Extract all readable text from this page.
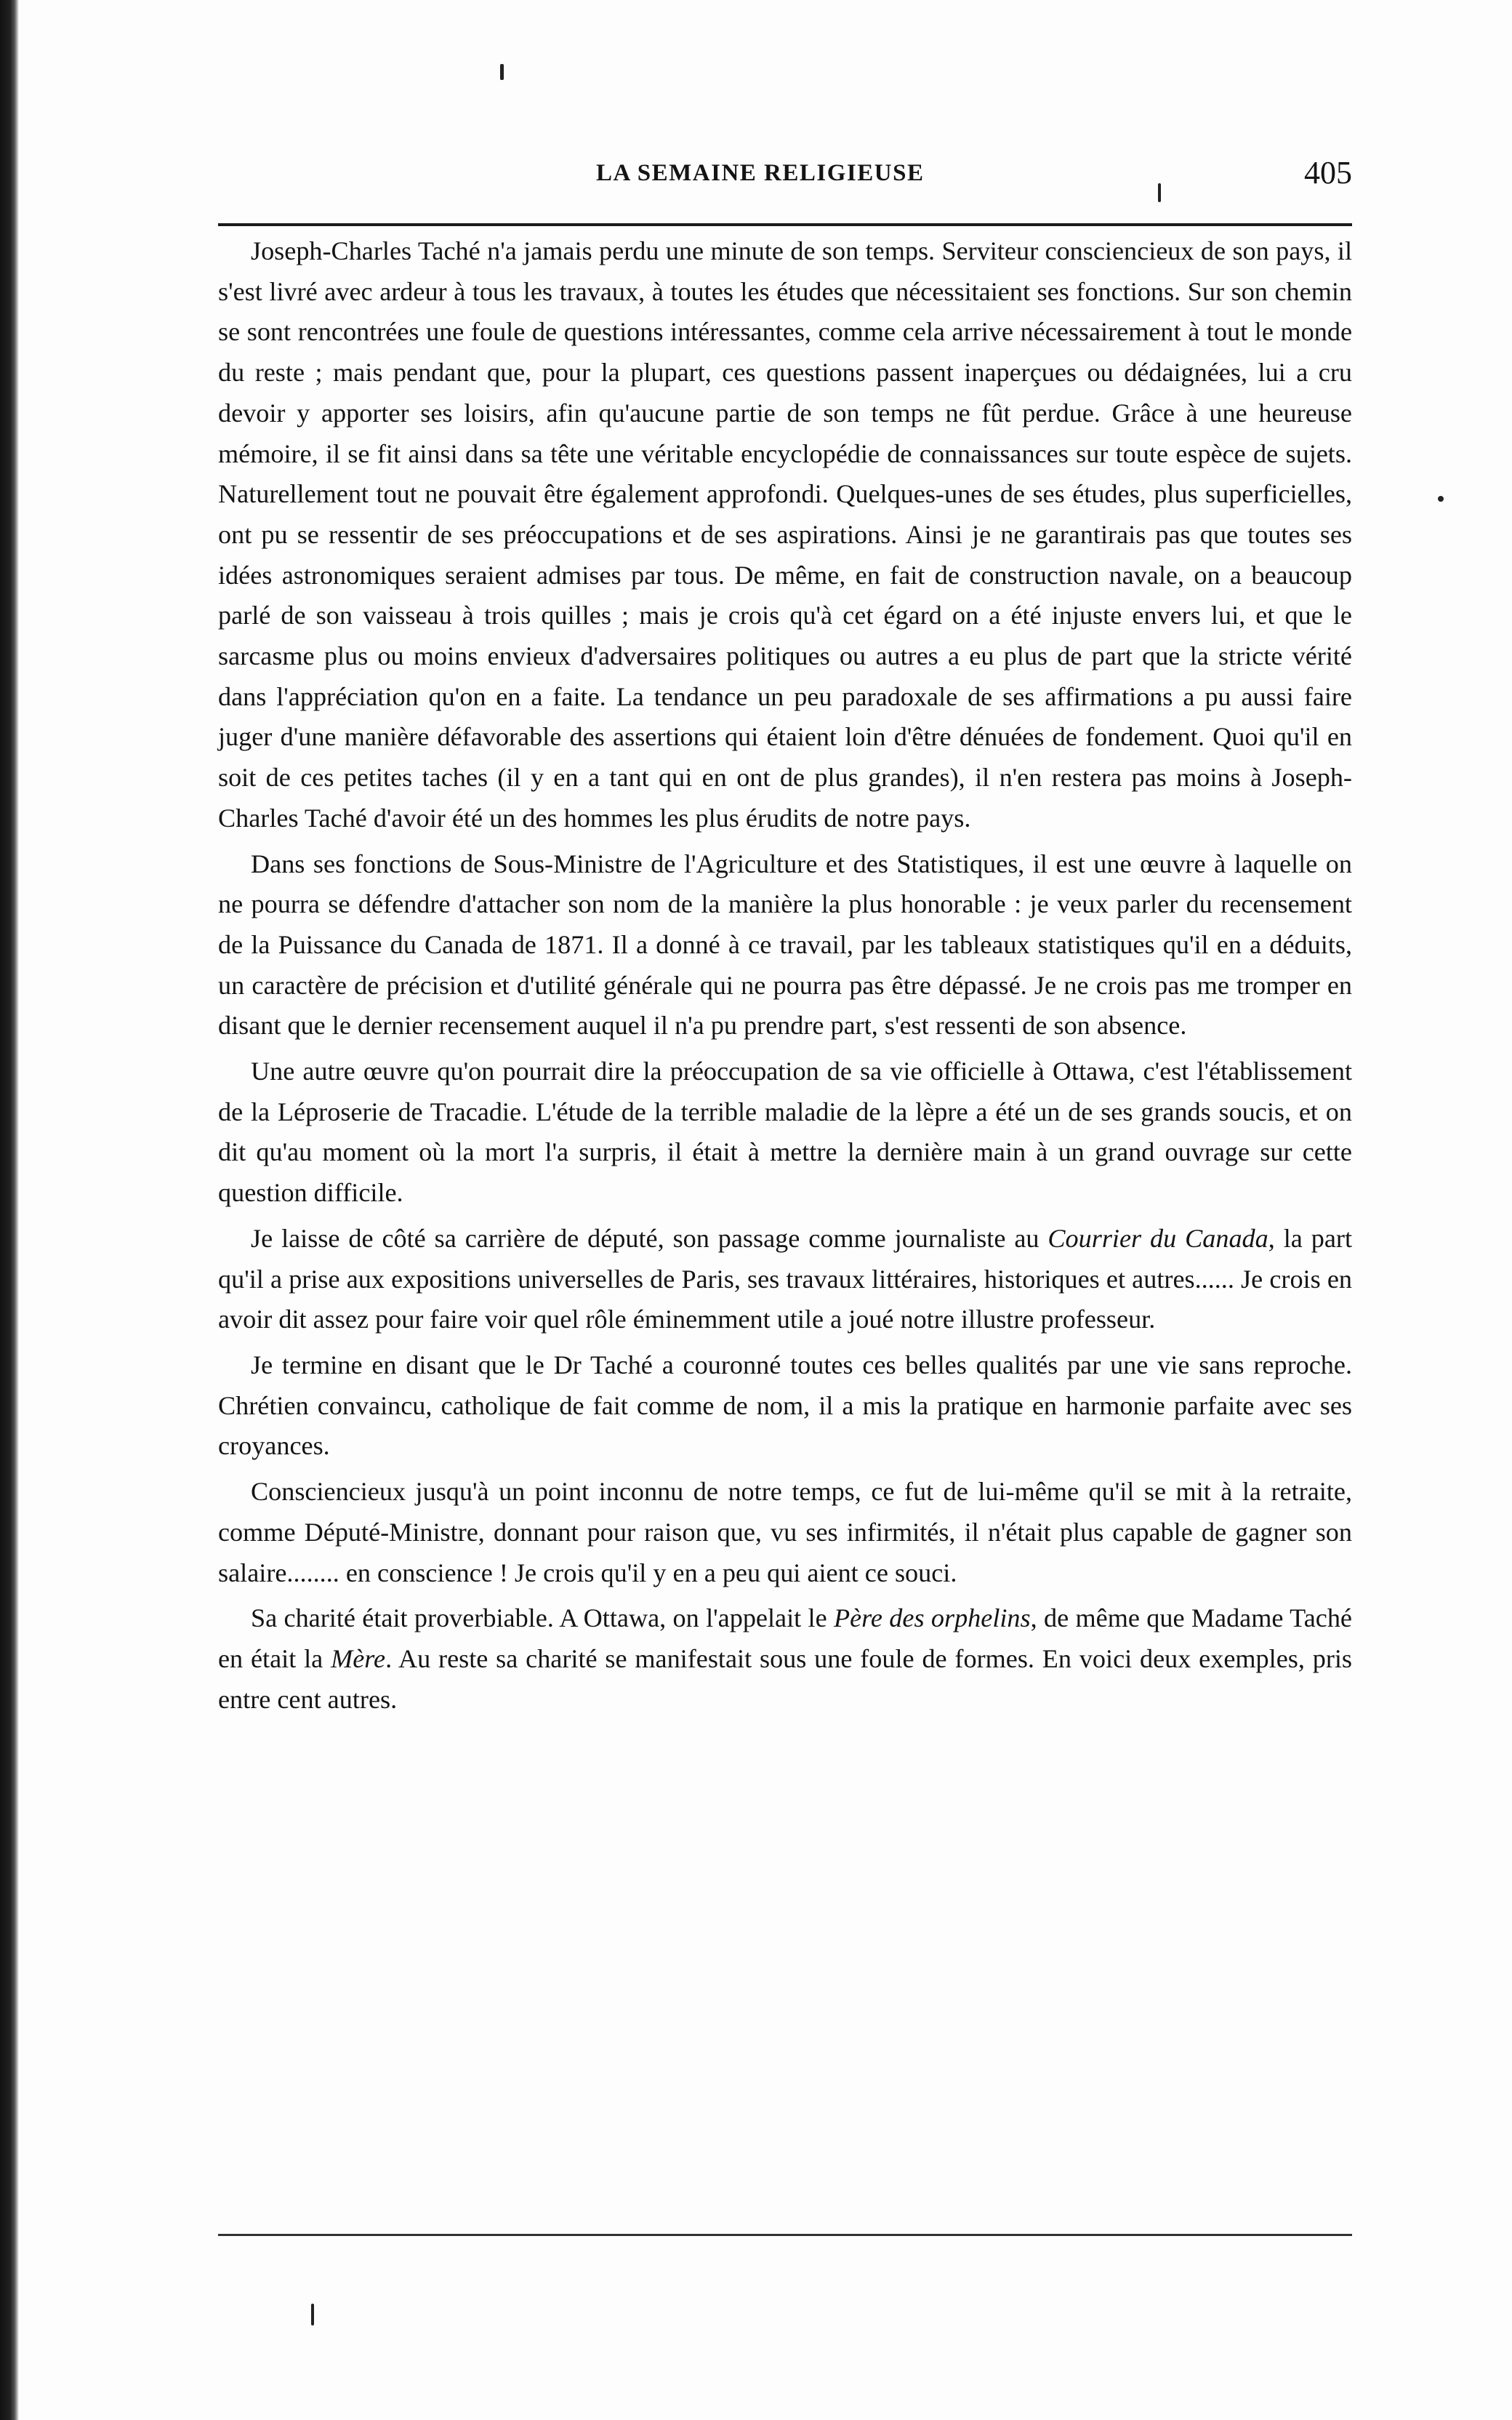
LA SEMAINE RELIGIEUSE	405

Joseph-Charles Taché n'a jamais perdu une minute de son temps. Serviteur consciencieux de son pays, il s'est livré avec ardeur à tous les travaux, à toutes les études que nécessitaient ses fonctions. Sur son chemin se sont rencontrées une foule de questions intéressantes, comme cela arrive nécessairement à tout le monde du reste ; mais pendant que, pour la plupart, ces questions passent inaperçues ou dédaignées, lui a cru devoir y apporter ses loisirs, afin qu'aucune partie de son temps ne fût perdue. Grâce à une heureuse mémoire, il se fit ainsi dans sa tête une véritable encyclopédie de connaissances sur toute espèce de sujets. Naturellement tout ne pouvait être également approfondi. Quelques-unes de ses études, plus superficielles, ont pu se ressentir de ses préoccupations et de ses aspirations. Ainsi je ne garantirais pas que toutes ses idées astronomiques seraient admises par tous. De même, en fait de construction navale, on a beaucoup parlé de son vaisseau à trois quilles ; mais je crois qu'à cet égard on a été injuste envers lui, et que le sarcasme plus ou moins envieux d'adversaires politiques ou autres a eu plus de part que la stricte vérité dans l'appréciation qu'on en a faite. La tendance un peu paradoxale de ses affirmations a pu aussi faire juger d'une manière défavorable des assertions qui étaient loin d'être dénuées de fondement. Quoi qu'il en soit de ces petites taches (il y en a tant qui en ont de plus grandes), il n'en restera pas moins à Joseph-Charles Taché d'avoir été un des hommes les plus érudits de notre pays.

Dans ses fonctions de Sous-Ministre de l'Agriculture et des Statistiques, il est une œuvre à laquelle on ne pourra se défendre d'attacher son nom de la manière la plus honorable : je veux parler du recensement de la Puissance du Canada de 1871. Il a donné à ce travail, par les tableaux statistiques qu'il en a déduits, un caractère de précision et d'utilité générale qui ne pourra pas être dépassé. Je ne crois pas me tromper en disant que le dernier recensement auquel il n'a pu prendre part, s'est ressenti de son absence.

Une autre œuvre qu'on pourrait dire la préoccupation de sa vie officielle à Ottawa, c'est l'établissement de la Léproserie de Tracadie. L'étude de la terrible maladie de la lèpre a été un de ses grands soucis, et on dit qu'au moment où la mort l'a surpris, il était à mettre la dernière main à un grand ouvrage sur cette question difficile.

Je laisse de côté sa carrière de député, son passage comme journaliste au Courrier du Canada, la part qu'il a prise aux expositions universelles de Paris, ses travaux littéraires, historiques et autres...... Je crois en avoir dit assez pour faire voir quel rôle éminemment utile a joué notre illustre professeur.

Je termine en disant que le Dr Taché a couronné toutes ces belles qualités par une vie sans reproche. Chrétien convaincu, catholique de fait comme de nom, il a mis la pratique en harmonie parfaite avec ses croyances.

Consciencieux jusqu'à un point inconnu de notre temps, ce fut de lui-même qu'il se mit à la retraite, comme Député-Ministre, donnant pour raison que, vu ses infirmités, il n'était plus capable de gagner son salaire........ en conscience ! Je crois qu'il y en a peu qui aient ce souci.

Sa charité était proverbiable. A Ottawa, on l'appelait le Père des orphelins, de même que Madame Taché en était la Mère. Au reste sa charité se manifestait sous une foule de formes. En voici deux exemples, pris entre cent autres.
